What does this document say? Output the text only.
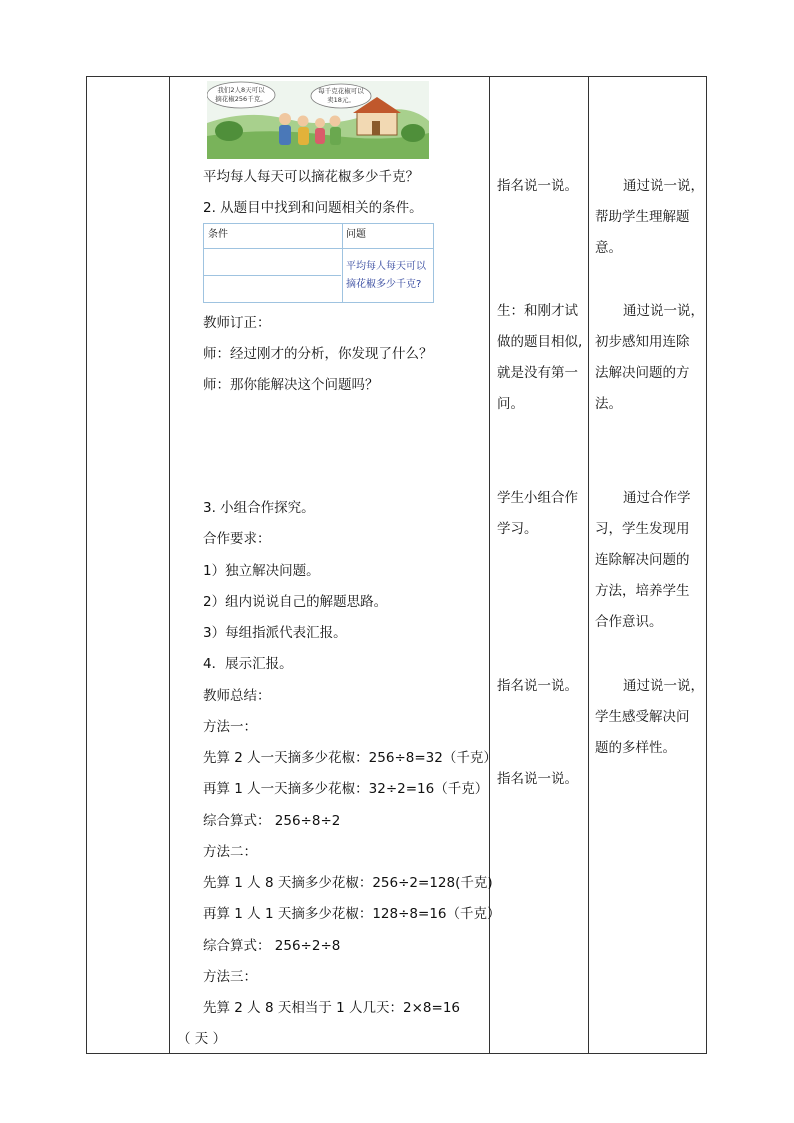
我们2人8天可以
摘花椒256千克。
每千克花椒可以
卖18元。
平均每人每天可以摘花椒多少千克？
2. 从题目中找到和问题相关的条件。
条件	问题
平均每人每天可以
摘花椒多少千克?
教师订正：
师：经过刚才的分析，你发现了什么？
师：那你能解决这个问题吗？
3. 小组合作探究。
合作要求：
1）独立解决问题。
2）组内说说自己的解题思路。
3）每组指派代表汇报。
4．展示汇报。
教师总结：
方法一：
先算 2 人一天摘多少花椒：256÷8=32（千克）
再算 1 人一天摘多少花椒：32÷2=16（千克）
综合算式： 256÷8÷2
方法二：
先算 1 人 8 天摘多少花椒：256÷2=128(千克)
再算 1 人 1 天摘多少花椒：128÷8=16（千克）
综合算式： 256÷2÷8
方法三：
先算 2 人 8 天相当于 1 人几天：2×8=16
（ 天 ）
指名说一说。
生：和刚才试
做的题目相似,
就是没有第一
问。
学生小组合作
学习。
指名说一说。
指名说一说。
通过说一说，
帮助学生理解题
意。
通过说一说，
初步感知用连除
法解决问题的方
法。
通过合作学
习，学生发现用
连除解决问题的
方法，培养学生
合作意识。
通过说一说，
学生感受解决问
题的多样性。
